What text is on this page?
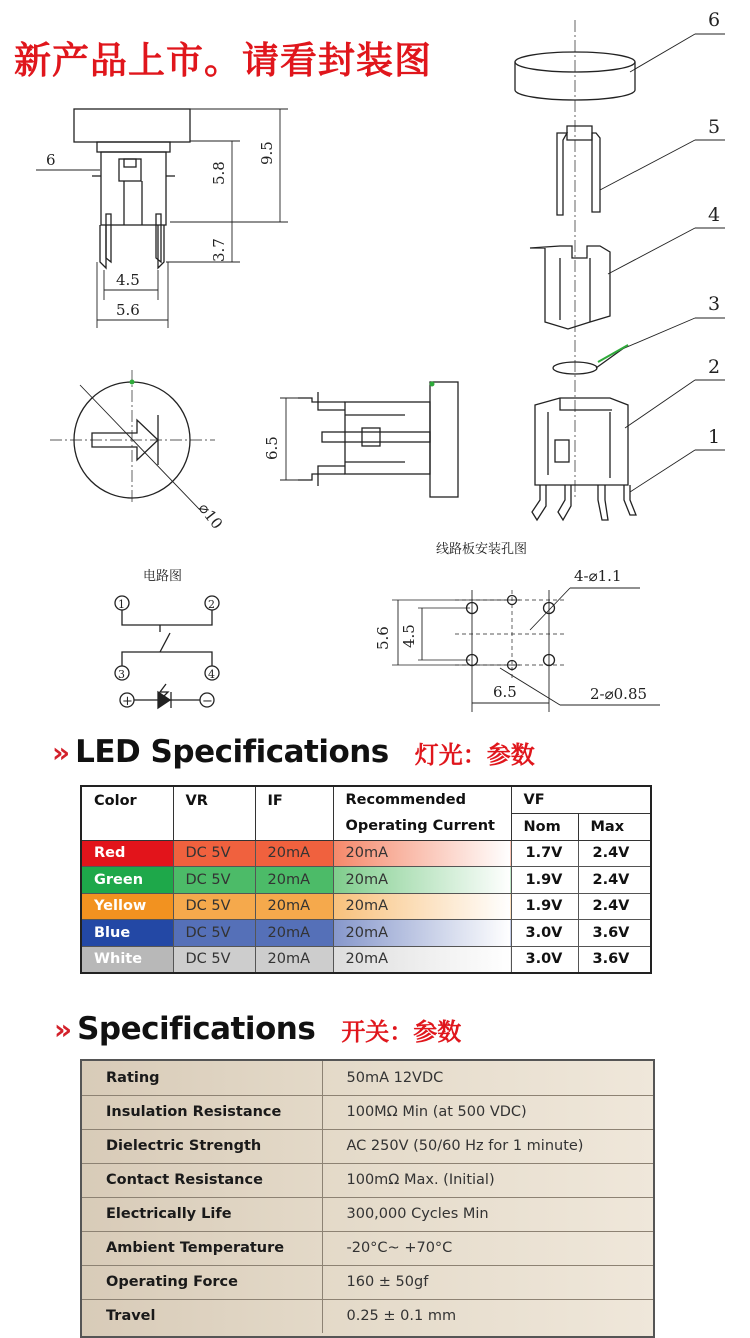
新产品上市。请看封装图
6	9.5
5.8
3.7
4.5
5.6
6.5
⌀10
6
5
4
3
2
1
电路图
1	2
3	4
+	−
线路板安装孔图
4-⌀1.1
2-⌀0.85
6.5
5.6 4.5
» LED Specifications 灯光：参数
Color	VR	IF	Recommended	VF	
			Operating Current	Nom	Max
Red	DC 5V	20mA	20mA	1.7V	2.4V
Green	DC 5V	20mA	20mA	1.9V	2.4V
Yellow	DC 5V	20mA	20mA	1.9V	2.4V
Blue	DC 5V	20mA	20mA	3.0V	3.6V
White	DC 5V	20mA	20mA	3.0V	3.6V
» Specifications 开关：参数
Rating	50mA 12VDC
Insulation Resistance	100MΩ Min (at 500 VDC)
Dielectric Strength	AC 250V (50/60 Hz for 1 minute)
Contact Resistance	100mΩ Max. (Initial)
Electrically Life	300,000 Cycles Min
Ambient Temperature	-20°C~ +70°C
Operating Force	160 ± 50gf
Travel	0.25 ± 0.1 mm
